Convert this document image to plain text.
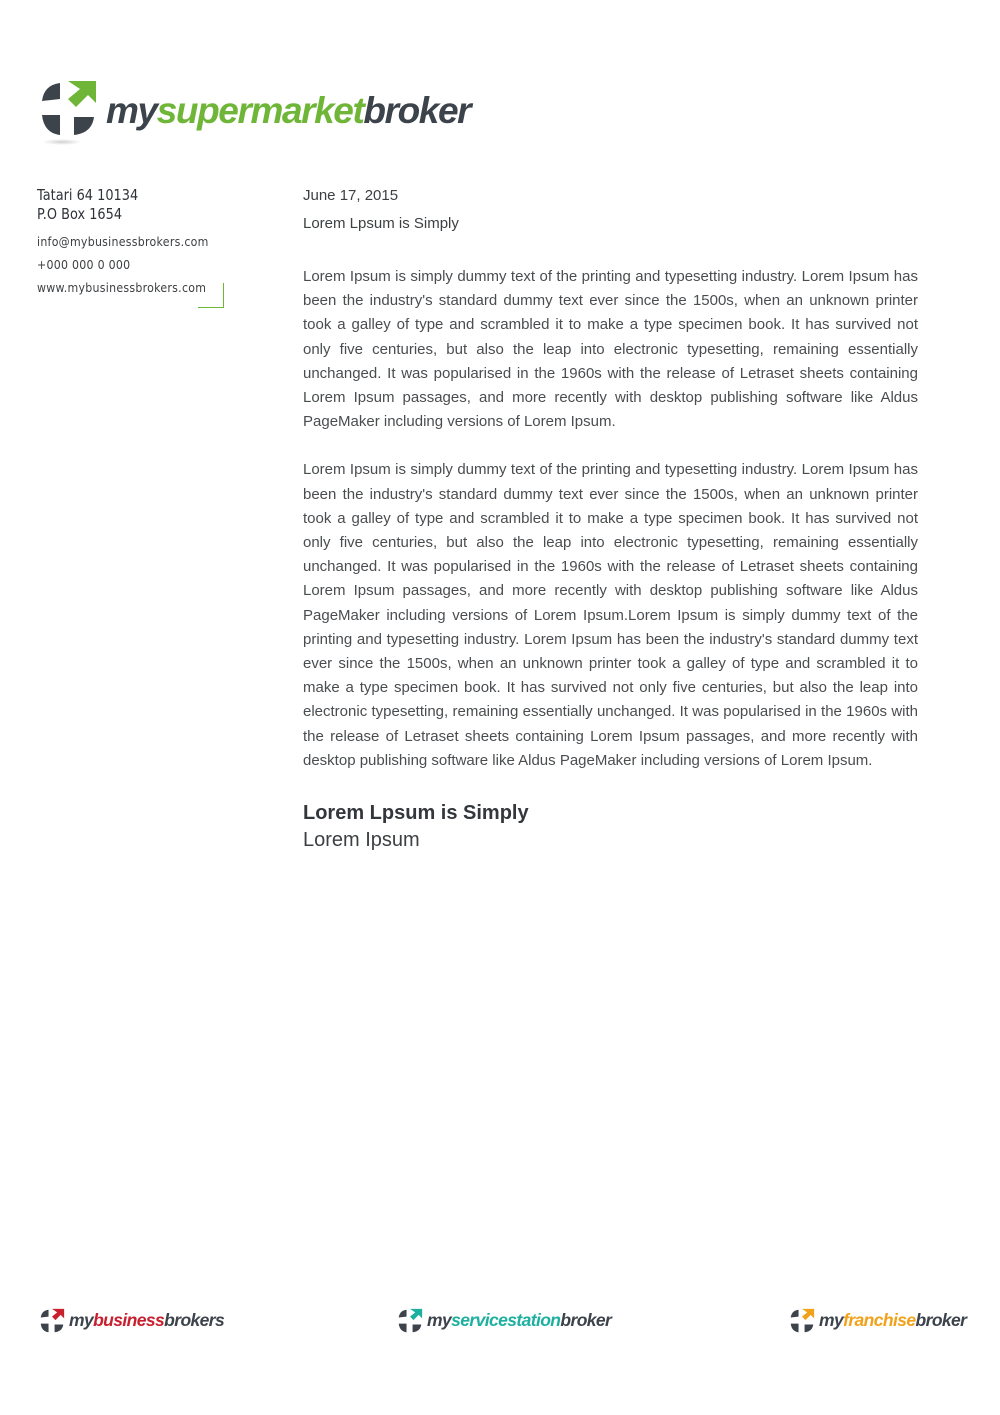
mysupermarketbroker
Tatari 64 10134
P.O Box 1654
info@mybusinessbrokers.com
+000 000 0 000
www.mybusinessbrokers.com
June 17, 2015
Lorem Lpsum is Simply

Lorem Ipsum is simply dummy text of the printing and typesetting industry. Lorem Ipsum has been the industry's standard dummy text ever since the 1500s, when an unknown printer took a galley of type and scrambled it to make a type specimen book. It has survived not only five centuries, but also the leap into electronic typesetting, remaining essentially unchanged. It was popularised in the 1960s with the release of Letraset sheets containing Lorem Ipsum passages, and more recently with desktop publishing software like Aldus PageMaker including versions of Lorem Ipsum.

Lorem Ipsum is simply dummy text of the printing and typesetting industry. Lorem Ipsum has been the industry's standard dummy text ever since the 1500s, when an unknown printer took a galley of type and scrambled it to make a type specimen book. It has survived not only five centuries, but also the leap into electronic typesetting, remaining essentially unchanged. It was popularised in the 1960s with the release of Letraset sheets containing Lorem Ipsum passages, and more recently with desktop publishing software like Aldus PageMaker including versions of Lorem Ipsum.Lorem Ipsum is simply dummy text of the printing and typesetting industry. Lorem Ipsum has been the industry's standard dummy text ever since the 1500s, when an unknown printer took a galley of type and scrambled it to make a type specimen book. It has survived not only five centuries, but also the leap into electronic typesetting, remaining essentially unchanged. It was popularised in the 1960s with the release of Letraset sheets containing Lorem Ipsum passages, and more recently with desktop publishing software like Aldus PageMaker including versions of Lorem Ipsum.

Lorem Lpsum is Simply
Lorem Ipsum
mybusinessbrokers	myservicestationbroker	myfranchisebroker
